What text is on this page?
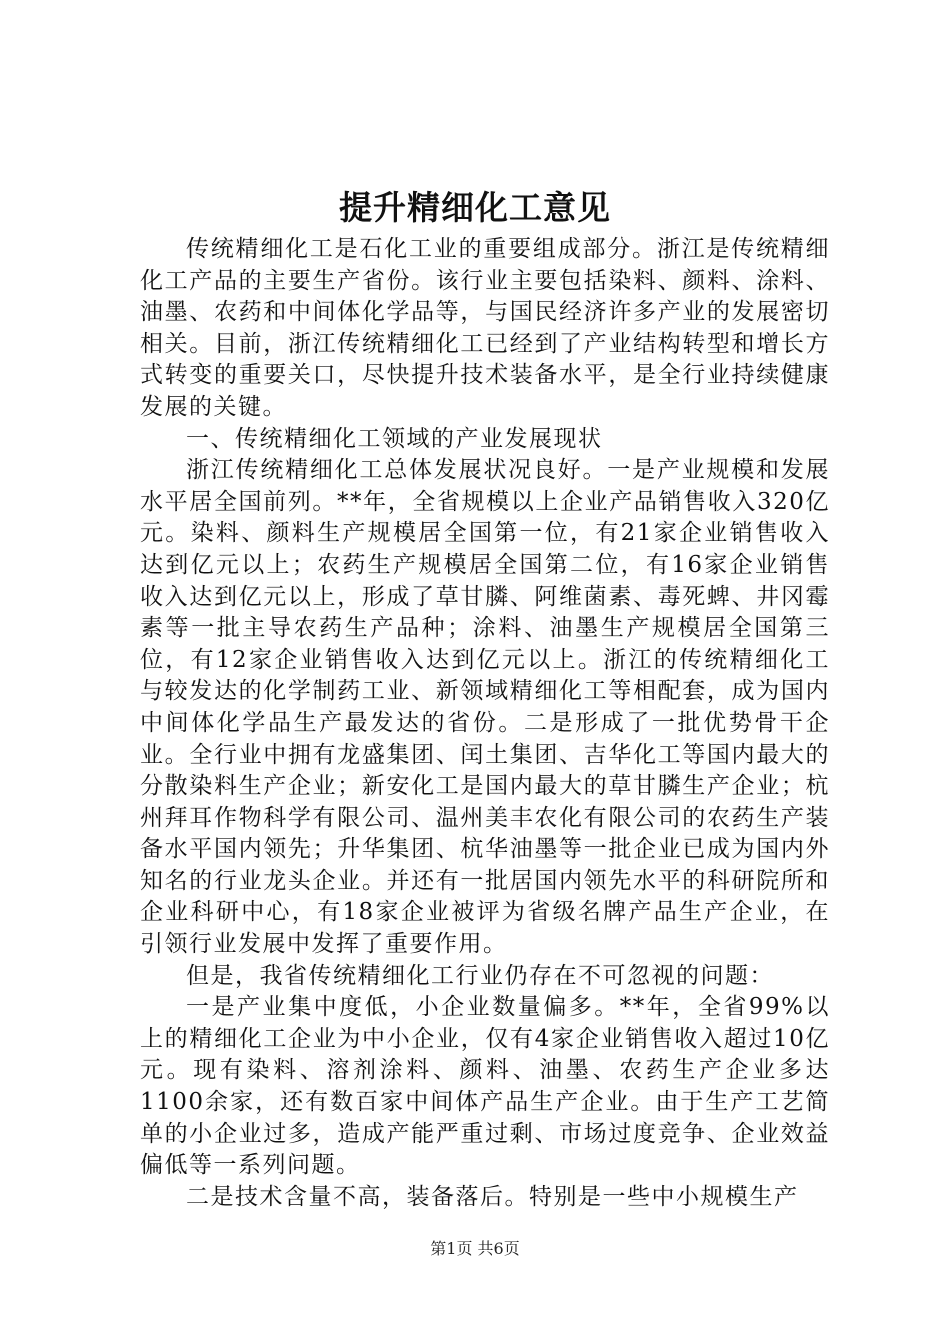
提升精细化工意见

传统精细化工是石化工业的重要组成部分。浙江是传统精细化工产品的主要生产省份。该行业主要包括染料、颜料、涂料、油墨、农药和中间体化学品等，与国民经济许多产业的发展密切相关。目前，浙江传统精细化工已经到了产业结构转型和增长方式转变的重要关口，尽快提升技术装备水平，是全行业持续健康发展的关键。

一、传统精细化工领域的产业发展现状

浙江传统精细化工总体发展状况良好。一是产业规模和发展水平居全国前列。**年，全省规模以上企业产品销售收入320亿元。染料、颜料生产规模居全国第一位，有21家企业销售收入达到亿元以上；农药生产规模居全国第二位，有16家企业销售收入达到亿元以上，形成了草甘膦、阿维菌素、毒死蜱、井冈霉素等一批主导农药生产品种；涂料、油墨生产规模居全国第三位，有12家企业销售收入达到亿元以上。浙江的传统精细化工与较发达的化学制药工业、新领域精细化工等相配套，成为国内中间体化学品生产最发达的省份。二是形成了一批优势骨干企业。全行业中拥有龙盛集团、闰土集团、吉华化工等国内最大的分散染料生产企业；新安化工是国内最大的草甘膦生产企业；杭州拜耳作物科学有限公司、温州美丰农化有限公司的农药生产装备水平国内领先；升华集团、杭华油墨等一批企业已成为国内外知名的行业龙头企业。并还有一批居国内领先水平的科研院所和企业科研中心，有18家企业被评为省级名牌产品生产企业，在引领行业发展中发挥了重要作用。

但是，我省传统精细化工行业仍存在不可忽视的问题：

一是产业集中度低，小企业数量偏多。**年，全省99%以上的精细化工企业为中小企业，仅有4家企业销售收入超过10亿元。现有染料、溶剂涂料、颜料、油墨、农药生产企业多达1100余家，还有数百家中间体产品生产企业。由于生产工艺简单的小企业过多，造成产能严重过剩、市场过度竞争、企业效益偏低等一系列问题。

二是技术含量不高，装备落后。特别是一些中小规模生产

第1页 共6页
